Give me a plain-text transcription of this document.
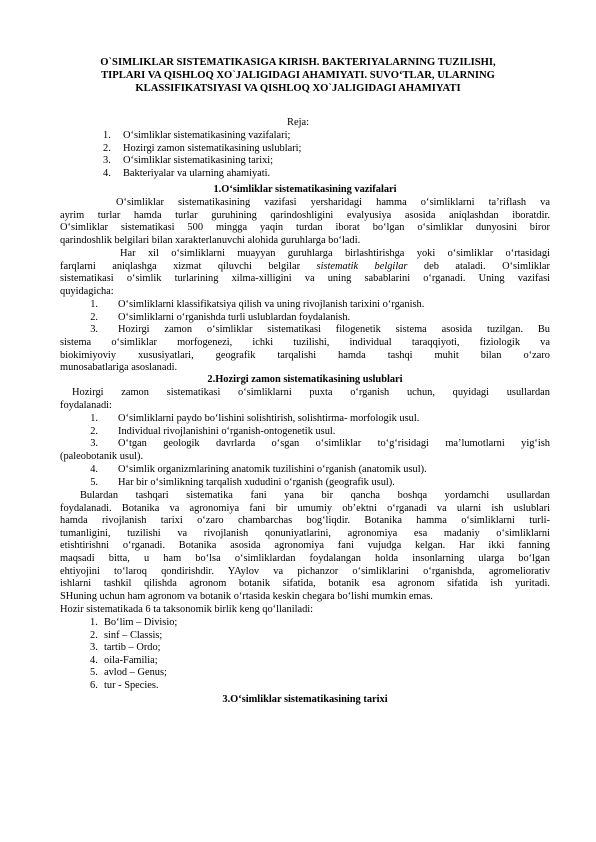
O`SIMLIKLAR SISTEMATIKASIGA KIRISH. BAKTERIYALARNING TUZILISHI, TIPLARI VA QISHLOQ XO`JALIGIDAGI AHAMIYATI. SUVO‘TLAR, ULARNING KLASSIFIKATSIYASI VA QISHLOQ XO`JALIGIDAGI AHAMIYATI
Reja:
1.	O‘simliklar sistematikasining vazifalari;
2.	Hozirgi zamon sistematikasining uslublari;
3.	O‘simliklar sistematikasining tarixi;
4.	Bakteriyalar va ularning ahamiyati.
1.O‘simliklar sistematikasining vazifalari
O‘simliklar sistematikasining vazifasi yershаridagi hamma o‘simliklarni ta’riflash va
ayrim turlar hamda turlar guruhining qarindoshligini evalyusiya asosida aniqlashdan iboratdir.
O‘simliklar sistematikasi 500 mingga yaqin turdan iborat bo‘lgan o‘simliklar dunyosini biror
qarindoshlik belgilari bilan xarakterlanuvchi alohida guruhlarga bo‘ladi.
Har xil o‘simliklarni muayyan guruhlarga birlashtirishga yoki o‘simliklar o‘rtasidagi
farqlarni aniqlashga xizmat qiluvchi belgilar sistematik belgilar deb ataladi. O‘simliklar
sistematikasi o‘simlik turlarining xilma-xilligini va uning sabablarini o‘rganadi. Uning vazifasi
quyidagicha:
1.	O‘simliklarni klassifikatsiya qilish va uning rivojlanish tarixini o‘rganish.
2.	O‘simliklarni o‘rganishda turli uslublardan foydalanish.
3.	Hozirgi zamon o‘simliklar sistematikasi filogenetik sistema asosida tuzilgan. Bu
sistema o‘simliklar morfogenezi, ichki tuzilishi, individual taraqqiyoti, fiziologik va
biokimiyoviy xususiyatlari, geografik tarqalishi hamda tashqi muhit bilan o‘zaro
munosabatlariga asoslanadi.
2.Hozirgi zamon sistematikasining uslublari
Hozirgi zamon sistematikasi o‘simliklarni puxta o‘rganish uchun, quyidagi usullardan
foydalanadi:
1.	O‘simliklarni paydo bo‘lishini solishtirish, solishtirma- morfologik usul.
2.	Individual rivojlanishini o‘rganish-ontogenetik usul.
3.	O‘tgan geologik davrlarda o‘sgan o‘simliklar to‘g‘risidagi ma’lumotlarni yig‘ish
(paleobotanik usul).
4.	O‘simlik organizmlarining anatomik tuzilishini o‘rganish (anatomik usul).
5.	Har bir o‘simlikning tarqalish xududini o‘rganish (geografik usul).
Bulardan tashqari sistematika fani yana bir qancha boshqa yordamchi usullardan
foydalanadi. Botanika va agronomiya fani bir umumiy ob’ektni o‘rganadi va ularni ish uslublari
hamda rivojlanish tarixi o‘zaro chambarchas bog‘liqdir. Botanika hamma o‘simliklarni turli-
tumanligini, tuzilishi va rivojlanish qonuniyatlarini, agronomiya esa madaniy o‘simliklarni
etishtirishni o‘rganadi. Botanika asosida agronomiya fani vujudga kelgan. Har ikki fanning
maqsadi bitta, u ham bo‘lsa o‘simliklardan foydalangan holda insonlarning ularga bo‘lgan
ehtiyojini to‘laroq qondirishdir. YAylov va pichanzor o‘simliklarini o‘rganishda, agromeliorativ
ishlarni tashkil qilishda agronom botanik sifatida, botanik esa agronom sifatida ish yuritadi.
SHuning uchun ham agronom va botanik o‘rtasida keskin chegara bo‘lishi mumkin emas.
Hozir sistematikada 6 ta taksonomik birlik keng qo‘llaniladi:
1. Bo‘lim – Divisio;
2. sinf – Classis;
3. tartib – Ordo;
4. oila-Familia;
5. avlod – Genus;
6. tur - Species.
3.O‘simliklar sistematikasining tarixi
